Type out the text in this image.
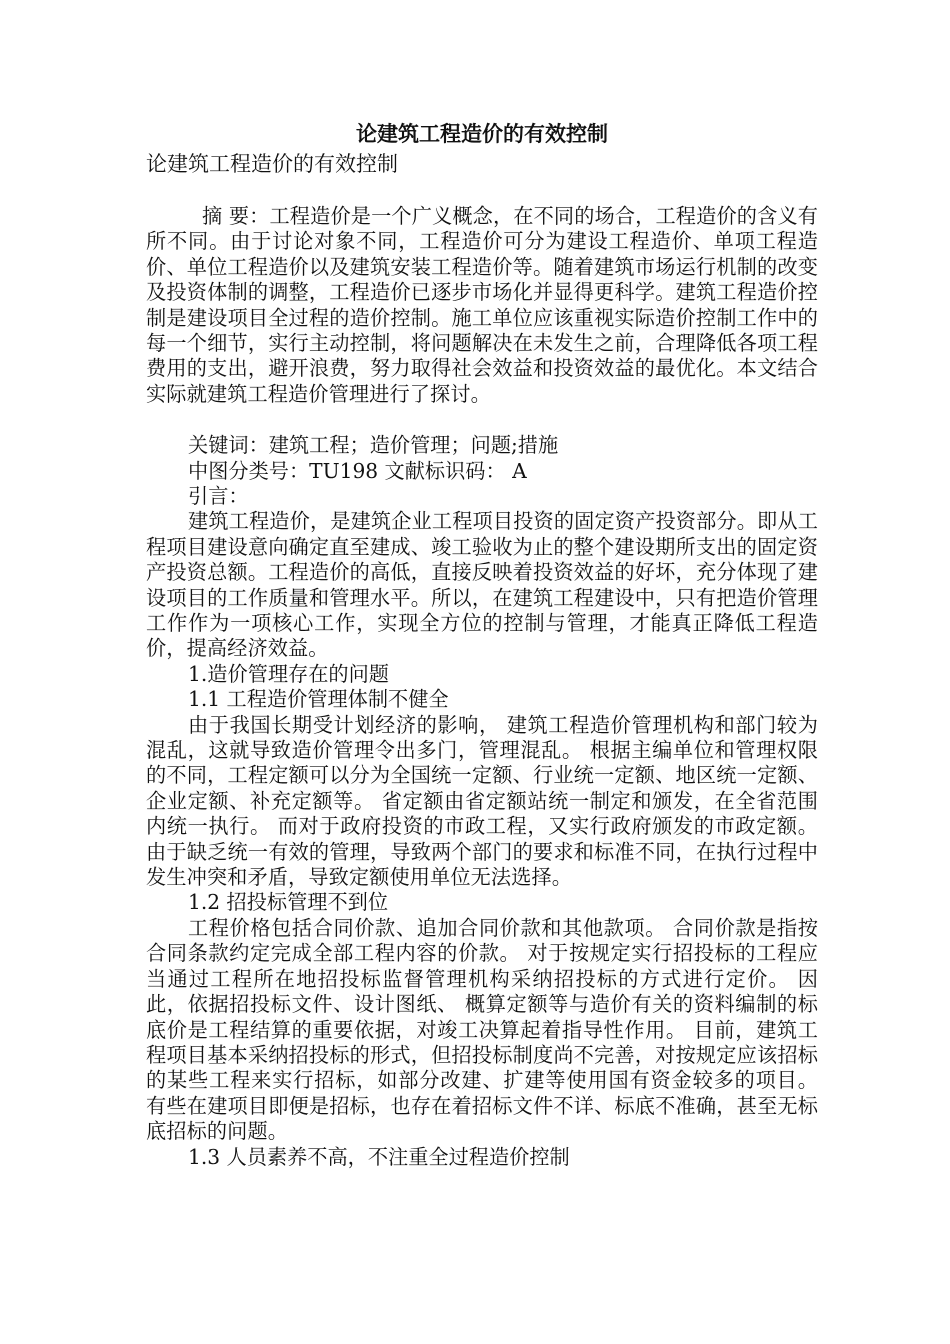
论建筑工程造价的有效控制

论建筑工程造价的有效控制

摘 要：工程造价是一个广义概念，在不同的场合，工程造价的含义有所不同。由于讨论对象不同，工程造价可分为建设工程造价、单项工程造价、单位工程造价以及建筑安装工程造价等。随着建筑市场运行机制的改变及投资体制的调整，工程造价已逐步市场化并显得更科学。建筑工程造价控制是建设项目全过程的造价控制。施工单位应该重视实际造价控制工作中的每一个细节，实行主动控制，将问题解决在未发生之前，合理降低各项工程费用的支出，避开浪费，努力取得社会效益和投资效益的最优化。本文结合实际就建筑工程造价管理进行了探讨。

关键词：建筑工程；造价管理；问题;措施

中图分类号：TU198 文献标识码： A

引言：

建筑工程造价，是建筑企业工程项目投资的固定资产投资部分。即从工程项目建设意向确定直至建成、竣工验收为止的整个建设期所支出的固定资产投资总额。工程造价的高低，直接反映着投资效益的好坏，充分体现了建设项目的工作质量和管理水平。所以，在建筑工程建设中，只有把造价管理工作作为一项核心工作，实现全方位的控制与管理，才能真正降低工程造价，提高经济效益。

1.造价管理存在的问题

1.1 工程造价管理体制不健全

由于我国长期受计划经济的影响， 建筑工程造价管理机构和部门较为混乱，这就导致造价管理令出多门，管理混乱。 根据主编单位和管理权限的不同，工程定额可以分为全国统一定额、行业统一定额、地区统一定额、企业定额、补充定额等。 省定额由省定额站统一制定和颁发，在全省范围内统一执行。 而对于政府投资的市政工程，又实行政府颁发的市政定额。 由于缺乏统一有效的管理，导致两个部门的要求和标准不同，在执行过程中发生冲突和矛盾，导致定额使用单位无法选择。

1.2 招投标管理不到位

工程价格包括合同价款、追加合同价款和其他款项。 合同价款是指按合同条款约定完成全部工程内容的价款。 对于按规定实行招投标的工程应当通过工程所在地招投标监督管理机构采纳招投标的方式进行定价。 因此，依据招投标文件、设计图纸、 概算定额等与造价有关的资料编制的标底价是工程结算的重要依据，对竣工决算起着指导性作用。 目前，建筑工程项目基本采纳招投标的形式，但招投标制度尚不完善，对按规定应该招标的某些工程来实行招标，如部分改建、扩建等使用国有资金较多的项目。 有些在建项目即便是招标，也存在着招标文件不详、标底不准确，甚至无标底招标的问题。

1.3 人员素养不高，不注重全过程造价控制
